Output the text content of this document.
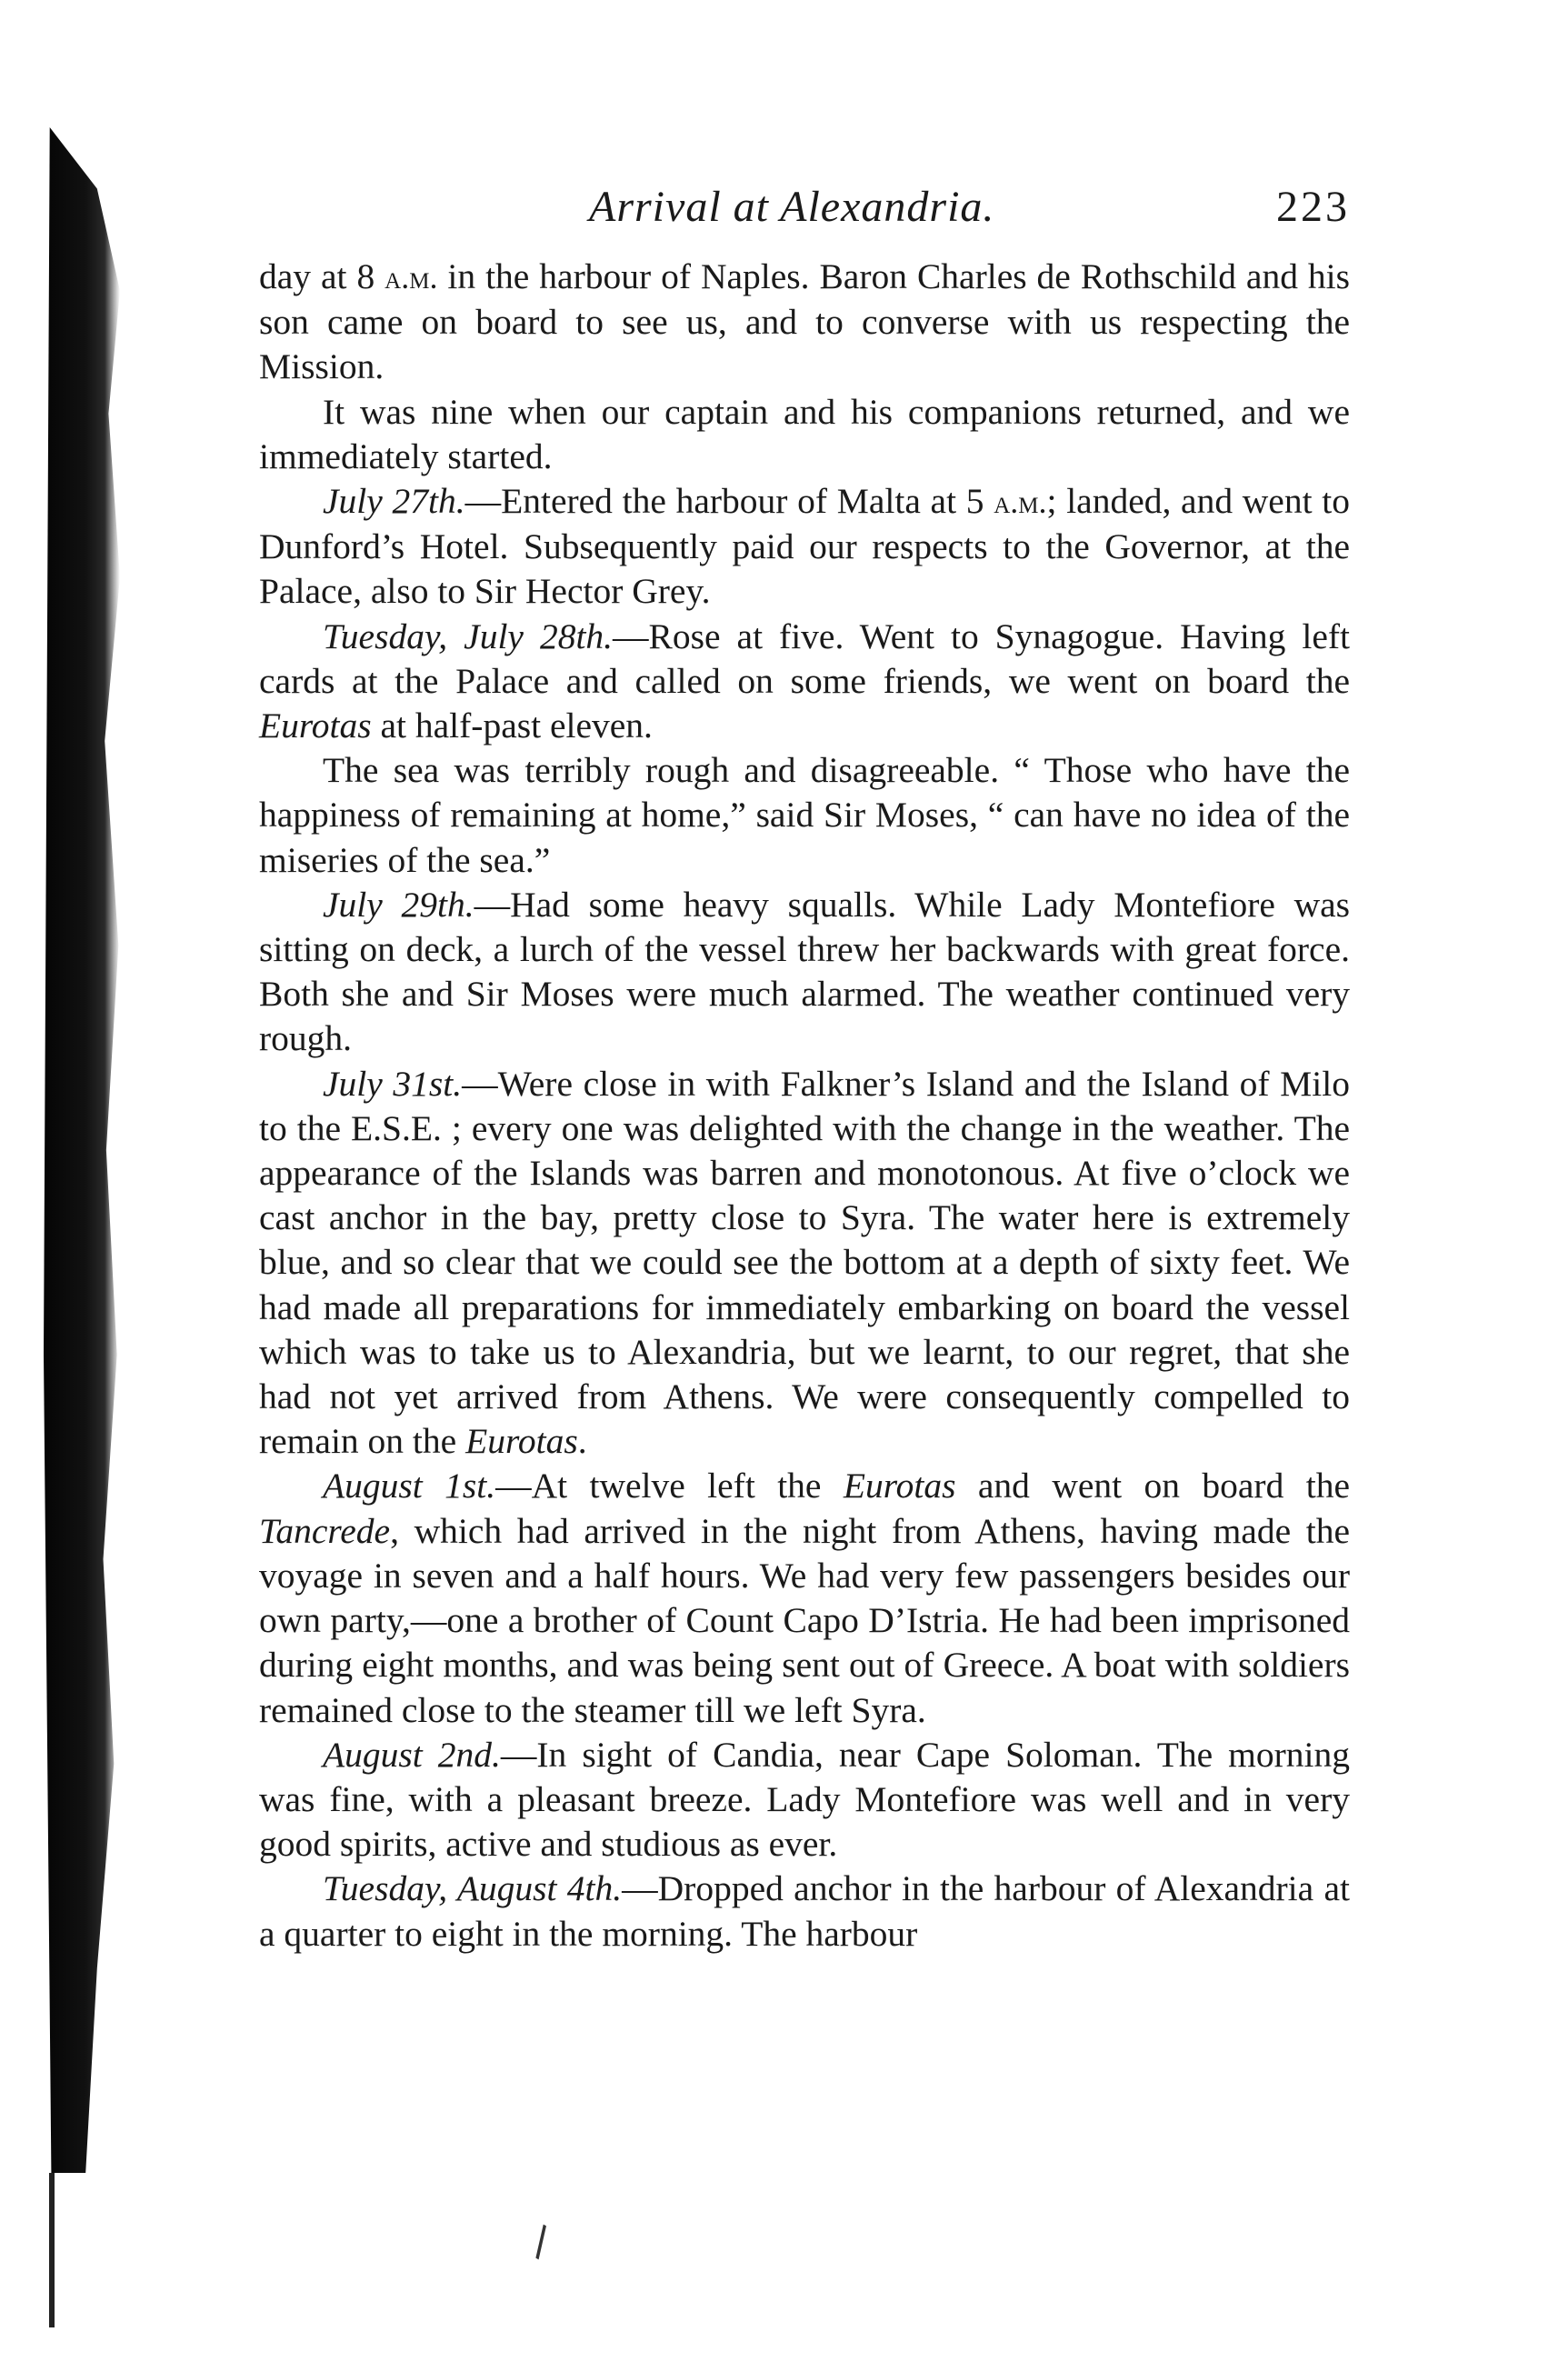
\
Arrival at Alexandria.	223

day at 8 a.m. in the harbour of Naples. Baron Charles de Rothschild and his son came on board to see us, and to converse with us respecting the Mission.

It was nine when our captain and his companions returned, and we immediately started.

July 27th.—Entered the harbour of Malta at 5 a.m.; landed, and went to Dunford’s Hotel. Subsequently paid our respects to the Governor, at the Palace, also to Sir Hector Grey.

Tuesday, July 28th.—Rose at five. Went to Synagogue. Having left cards at the Palace and called on some friends, we went on board the Eurotas at half-past eleven.

The sea was terribly rough and disagreeable. “ Those who have the happiness of remaining at home,” said Sir Moses, “ can have no idea of the miseries of the sea.”

July 29th.—Had some heavy squalls. While Lady Montefiore was sitting on deck, a lurch of the vessel threw her backwards with great force. Both she and Sir Moses were much alarmed. The weather continued very rough.

July 31st.—Were close in with Falkner’s Island and the Island of Milo to the E.S.E. ; every one was delighted with the change in the weather. The appearance of the Islands was barren and monotonous. At five o’clock we cast anchor in the bay, pretty close to Syra. The water here is extremely blue, and so clear that we could see the bottom at a depth of sixty feet. We had made all preparations for immediately embarking on board the vessel which was to take us to Alexandria, but we learnt, to our regret, that she had not yet arrived from Athens. We were consequently compelled to remain on the Eurotas.

August 1st.—At twelve left the Eurotas and went on board the Tancrede, which had arrived in the night from Athens, having made the voyage in seven and a half hours. We had very few passengers besides our own party,—one a brother of Count Capo D’Istria. He had been imprisoned during eight months, and was being sent out of Greece. A boat with soldiers remained close to the steamer till we left Syra.

August 2nd.—In sight of Candia, near Cape Soloman. The morning was fine, with a pleasant breeze. Lady Montefiore was well and in very good spirits, active and studious as ever.

Tuesday, August 4th.—Dropped anchor in the harbour of Alexandria at a quarter to eight in the morning. The harbour
